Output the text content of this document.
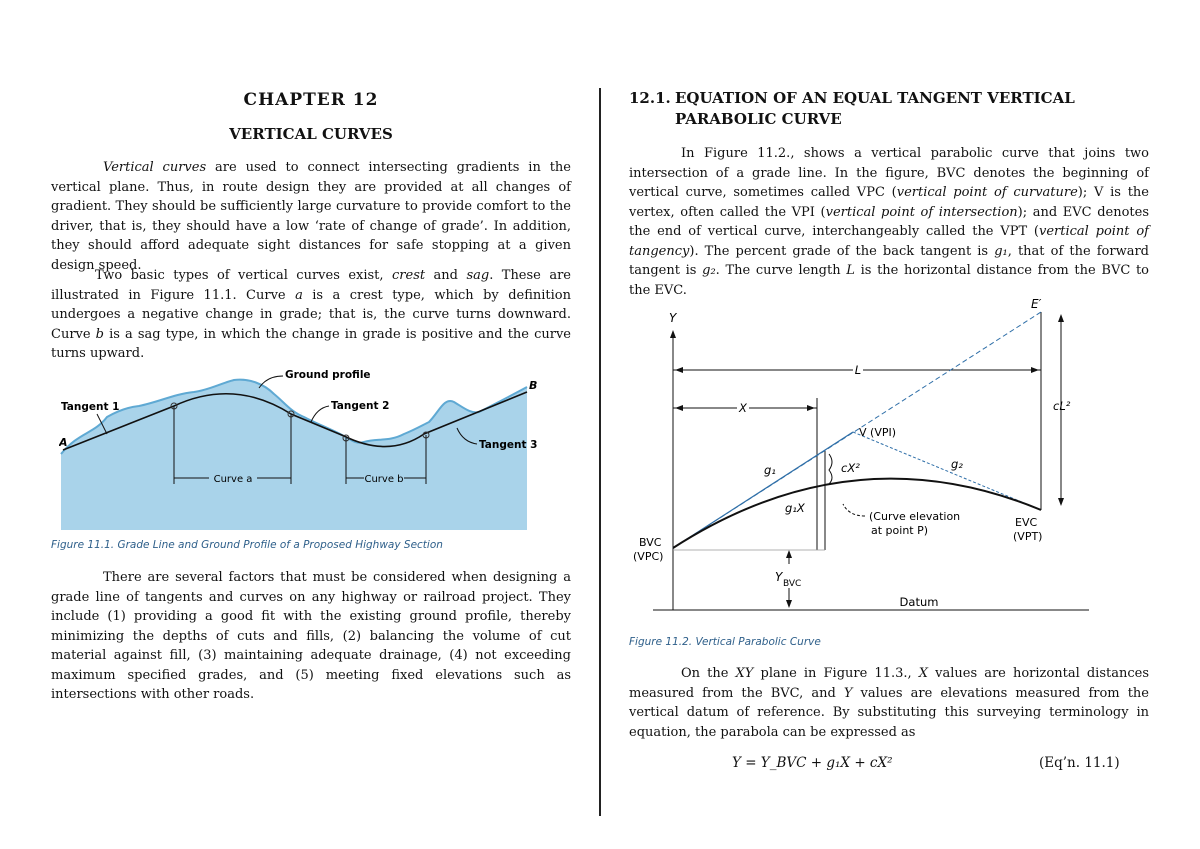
CHAPTER 12
VERTICAL CURVES

Vertical curves are used to connect intersecting gradients in the vertical plane. Thus, in route design they are provided at all changes of gradient. They should be sufficiently large curvature to provide comfort to the driver, that is, they should have a low ‘rate of change of grade’. In addition, they should afford adequate sight distances for safe stopping at a given design speed.

Two basic types of vertical curves exist, crest and sag. These are illustrated in Figure 11.1. Curve a is a crest type, which by definition undergoes a negative change in grade; that is, the curve turns downward. Curve b is a sag type, in which the change in grade is positive and the curve turns upward.

Curve a	Curve b
Tangent 1
A
B
Ground profile
Tangent 2
Tangent 3
Figure 11.1. Grade Line and Ground Profile of a Proposed Highway Section

There are several factors that must be considered when designing a grade line of tangents and curves on any highway or railroad project. They include (1) providing a good fit with the existing ground profile, thereby minimizing the depths of cuts and fills, (2) balancing the volume of cut material against fill, (3) maintaining adequate drainage, (4) not exceeding maximum specified grades, and (5) meeting fixed elevations such as intersections with other roads.

12.1. EQUATION OF AN EQUAL TANGENT VERTICAL
PARABOLIC CURVE

In Figure 11.2., shows a vertical parabolic curve that joins two intersection of a grade line. In the figure, BVC denotes the beginning of vertical curve, sometimes called VPC (vertical point of curvature); V is the vertex, often called the VPI (vertical point of intersection); and EVC denotes the end of vertical curve, interchangeably called the VPT (vertical point of tangency). The percent grade of the back tangent is g₁, that of the forward tangent is g₂. The curve length L is the horizontal distance from the BVC to the EVC.

Y
Datum
L
X	cL²
V (VPI)
g₁	g₂
cX²
g₁X
(Curve elevation
at point P)
BVC
(VPC)
EVC
(VPT)
E′
Y BVC
Figure 11.2. Vertical Parabolic Curve

On the XY plane in Figure 11.3., X values are horizontal distances measured from the BVC, and Y values are elevations measured from the vertical datum of reference. By substituting this surveying terminology in equation, the parabola can be expressed as

Y = Y_BVC + g₁X + cX²	(Eq’n. 11.1)
